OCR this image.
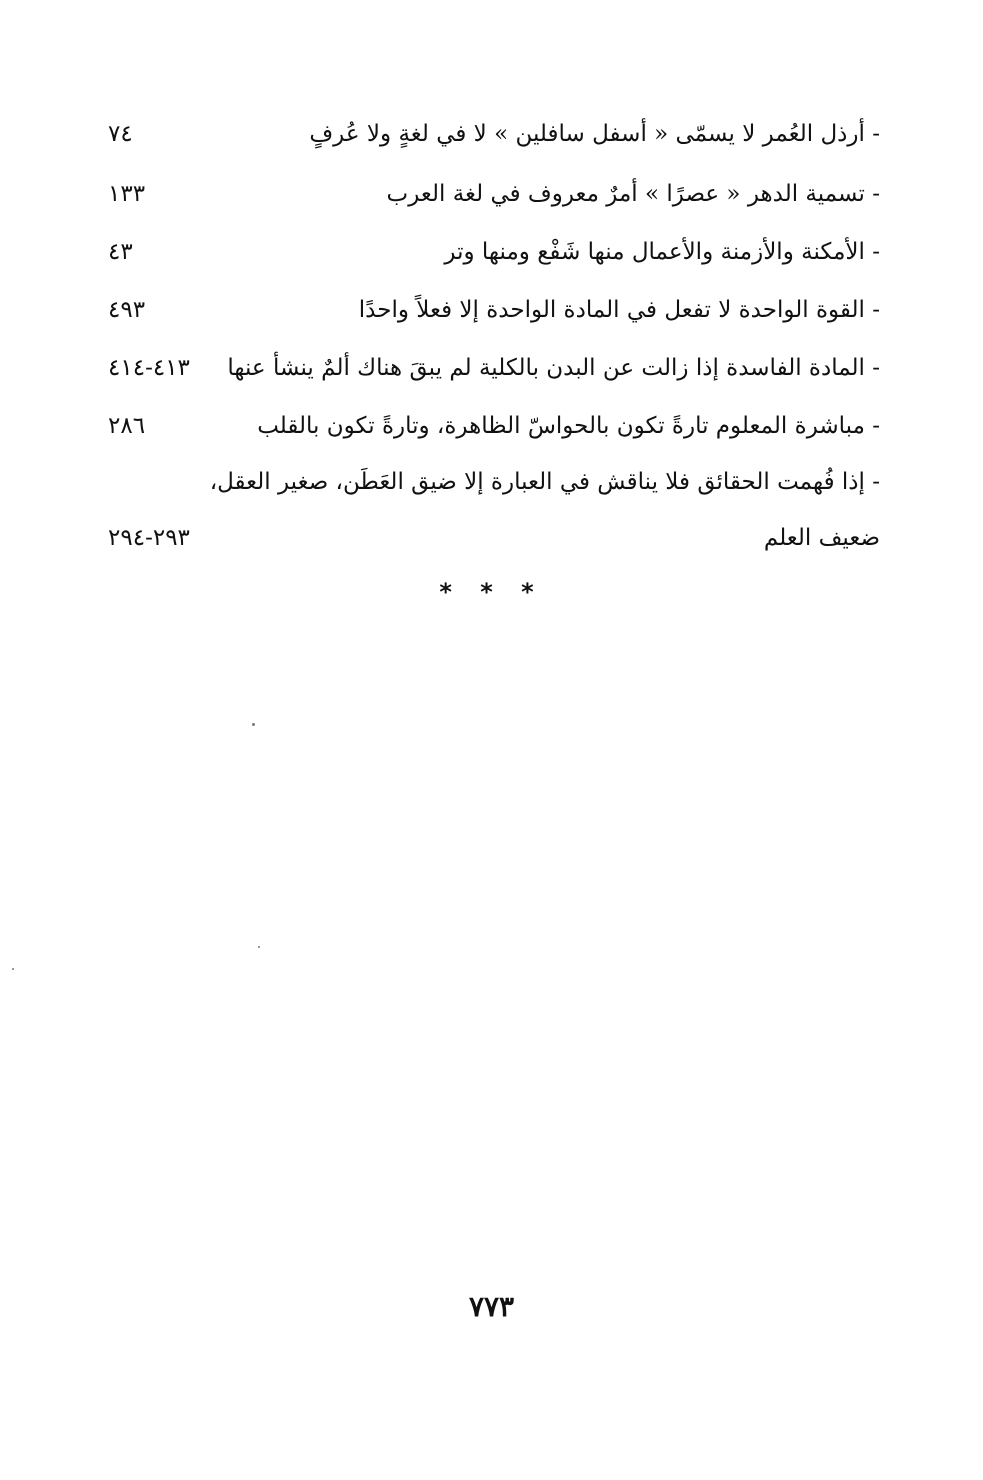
- أرذل العُمر لا يسمّى « أسفل سافلين » لا في لغةٍ ولا عُرفٍ
٧٤
- تسمية الدهر « عصرًا » أمرٌ معروف في لغة العرب
١٣٣
- الأمكنة والأزمنة والأعمال منها شَفْع ومنها وتر
٤٣
- القوة الواحدة لا تفعل في المادة الواحدة إلا فعلاً واحدًا
٤٩٣
- المادة الفاسدة إذا زالت عن البدن بالكلية لم يبقَ هناك ألمٌ ينشأ عنها
٤١٣-٤١٤
- مباشرة المعلوم تارةً تكون بالحواسّ الظاهرة، وتارةً تكون بالقلب
٢٨٦
- إذا فُهمت الحقائق فلا يناقش في العبارة إلا ضيق العَطَن، صغير العقل،
ضعيف العلم
٢٩٣-٢٩٤
* * *
٧٧٣
